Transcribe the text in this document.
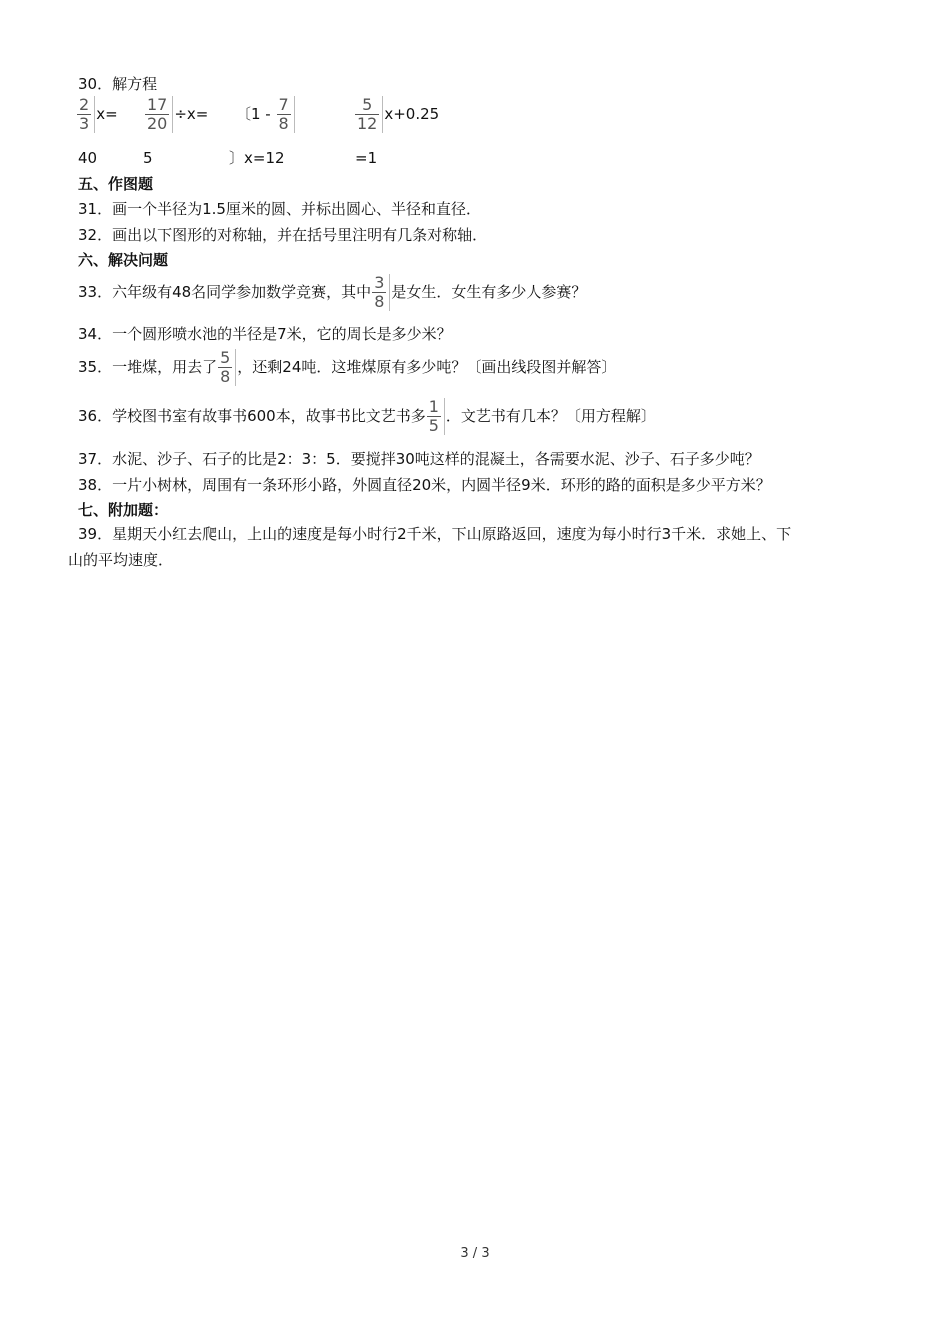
30．解方程
$\frac{2}{3} x= \frac{17}{20} \div x=$ 〔$1 - \frac{7}{8}$	$\frac{5}{12} x+0.25$
40	5	〕x=12	=1
五、作图题
31．画一个半径为1.5厘米的圆、并标出圆心、半径和直径．
32．画出以下图形的对称轴，并在括号里注明有几条对称轴．
六、解决问题
33．六年级有48名同学参加数学竞赛，其中 $\frac{3}{8}$ 是女生．女生有多少人参赛？
34．一个圆形喷水池的半径是7米，它的周长是多少米？
35．一堆煤，用去了 $\frac{5}{8}$ ，还剩24吨．这堆煤原有多少吨？〔画出线段图并解答〕
36．学校图书室有故事书600本，故事书比文艺书多 $\frac{1}{5}$ ．文艺书有几本？〔用方程解〕
37．水泥、沙子、石子的比是2：3：5．要搅拌30吨这样的混凝土，各需要水泥、沙子、石子多少吨？
38．一片小树林，周围有一条环形小路，外圆直径20米，内圆半径9米．环形的路的面积是多少平方米？
七、附加题：
39．星期天小红去爬山，上山的速度是每小时行2千米，下山原路返回，速度为每小时行3千米．求她上、下
山的平均速度．
3 / 3
